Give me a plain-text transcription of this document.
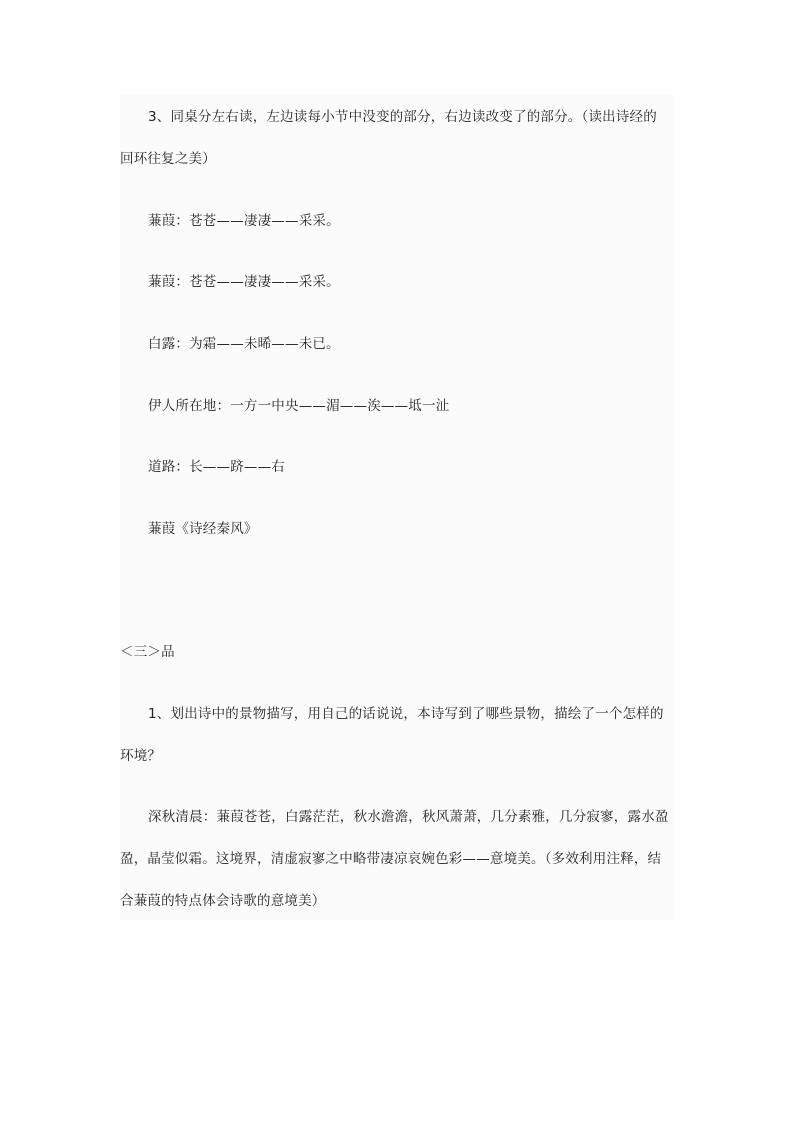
3、同桌分左右读，左边读每小节中没变的部分，右边读改变了的部分。（读出诗经的
回环往复之美）
蒹葭：苍苍——凄凄——采采。
蒹葭：苍苍——凄凄——采采。
白露：为霜——未晞——未已。
伊人所在地：一方一中央——湄——涘——坻一沚
道路：长——跻——右
蒹葭《诗经秦风》
＜三＞品
1、划出诗中的景物描写，用自己的话说说，本诗写到了哪些景物，描绘了一个怎样的
环境？
深秋清晨：蒹葭苍苍，白露茫茫，秋水澹澹，秋风萧萧，几分素雅，几分寂寥，露水盈
盈，晶莹似霜。这境界，清虚寂寥之中略带凄凉哀婉色彩——意境美。（多效利用注释，结
合蒹葭的特点体会诗歌的意境美）
